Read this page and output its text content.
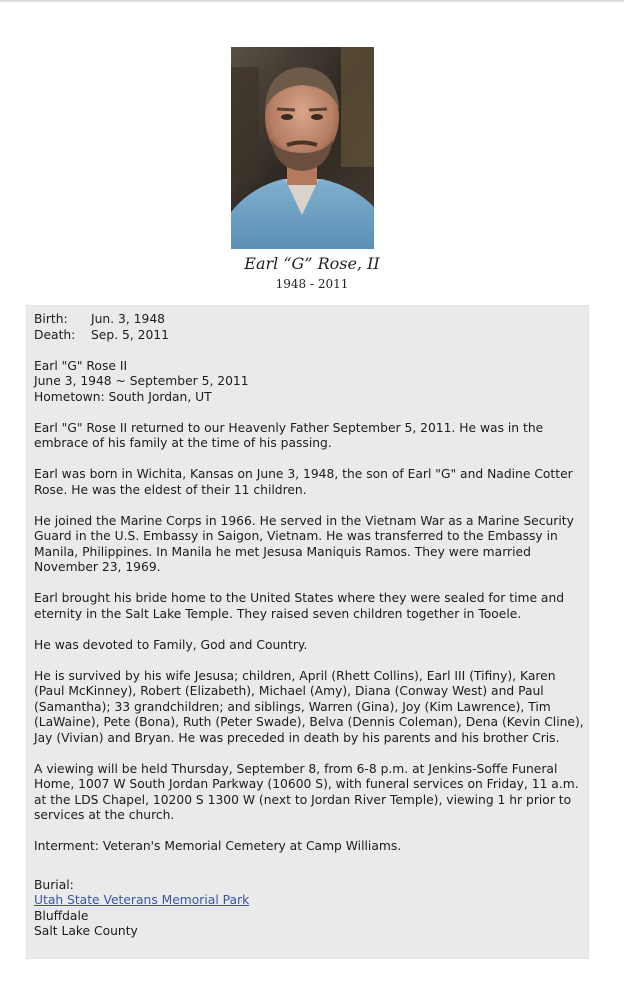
Earl “G” Rose, II
1948 - 2011

Birth: Jun. 3, 1948
Death: Sep. 5, 2011

Earl "G" Rose II
June 3, 1948 ~ September 5, 2011
Hometown: South Jordan, UT

Earl "G" Rose II returned to our Heavenly Father September 5, 2011. He was in the embrace of his family at the time of his passing.

Earl was born in Wichita, Kansas on June 3, 1948, the son of Earl "G" and Nadine Cotter Rose. He was the eldest of their 11 children.

He joined the Marine Corps in 1966. He served in the Vietnam War as a Marine Security Guard in the U.S. Embassy in Saigon, Vietnam. He was transferred to the Embassy in Manila, Philippines. In Manila he met Jesusa Maniquis Ramos. They were married November 23, 1969.

Earl brought his bride home to the United States where they were sealed for time and eternity in the Salt Lake Temple. They raised seven children together in Tooele.

He was devoted to Family, God and Country.

He is survived by his wife Jesusa; children, April (Rhett Collins), Earl III (Tifiny), Karen (Paul McKinney), Robert (Elizabeth), Michael (Amy), Diana (Conway West) and Paul (Samantha); 33 grandchildren; and siblings, Warren (Gina), Joy (Kim Lawrence), Tim (LaWaine), Pete (Bona), Ruth (Peter Swade), Belva (Dennis Coleman), Dena (Kevin Cline), Jay (Vivian) and Bryan. He was preceded in death by his parents and his brother Cris.

A viewing will be held Thursday, September 8, from 6-8 p.m. at Jenkins-Soffe Funeral Home, 1007 W South Jordan Parkway (10600 S), with funeral services on Friday, 11 a.m. at the LDS Chapel, 10200 S 1300 W (next to Jordan River Temple), viewing 1 hr prior to services at the church.

Interment: Veteran's Memorial Cemetery at Camp Williams.

Burial:
Utah State Veterans Memorial Park
Bluffdale
Salt Lake County
